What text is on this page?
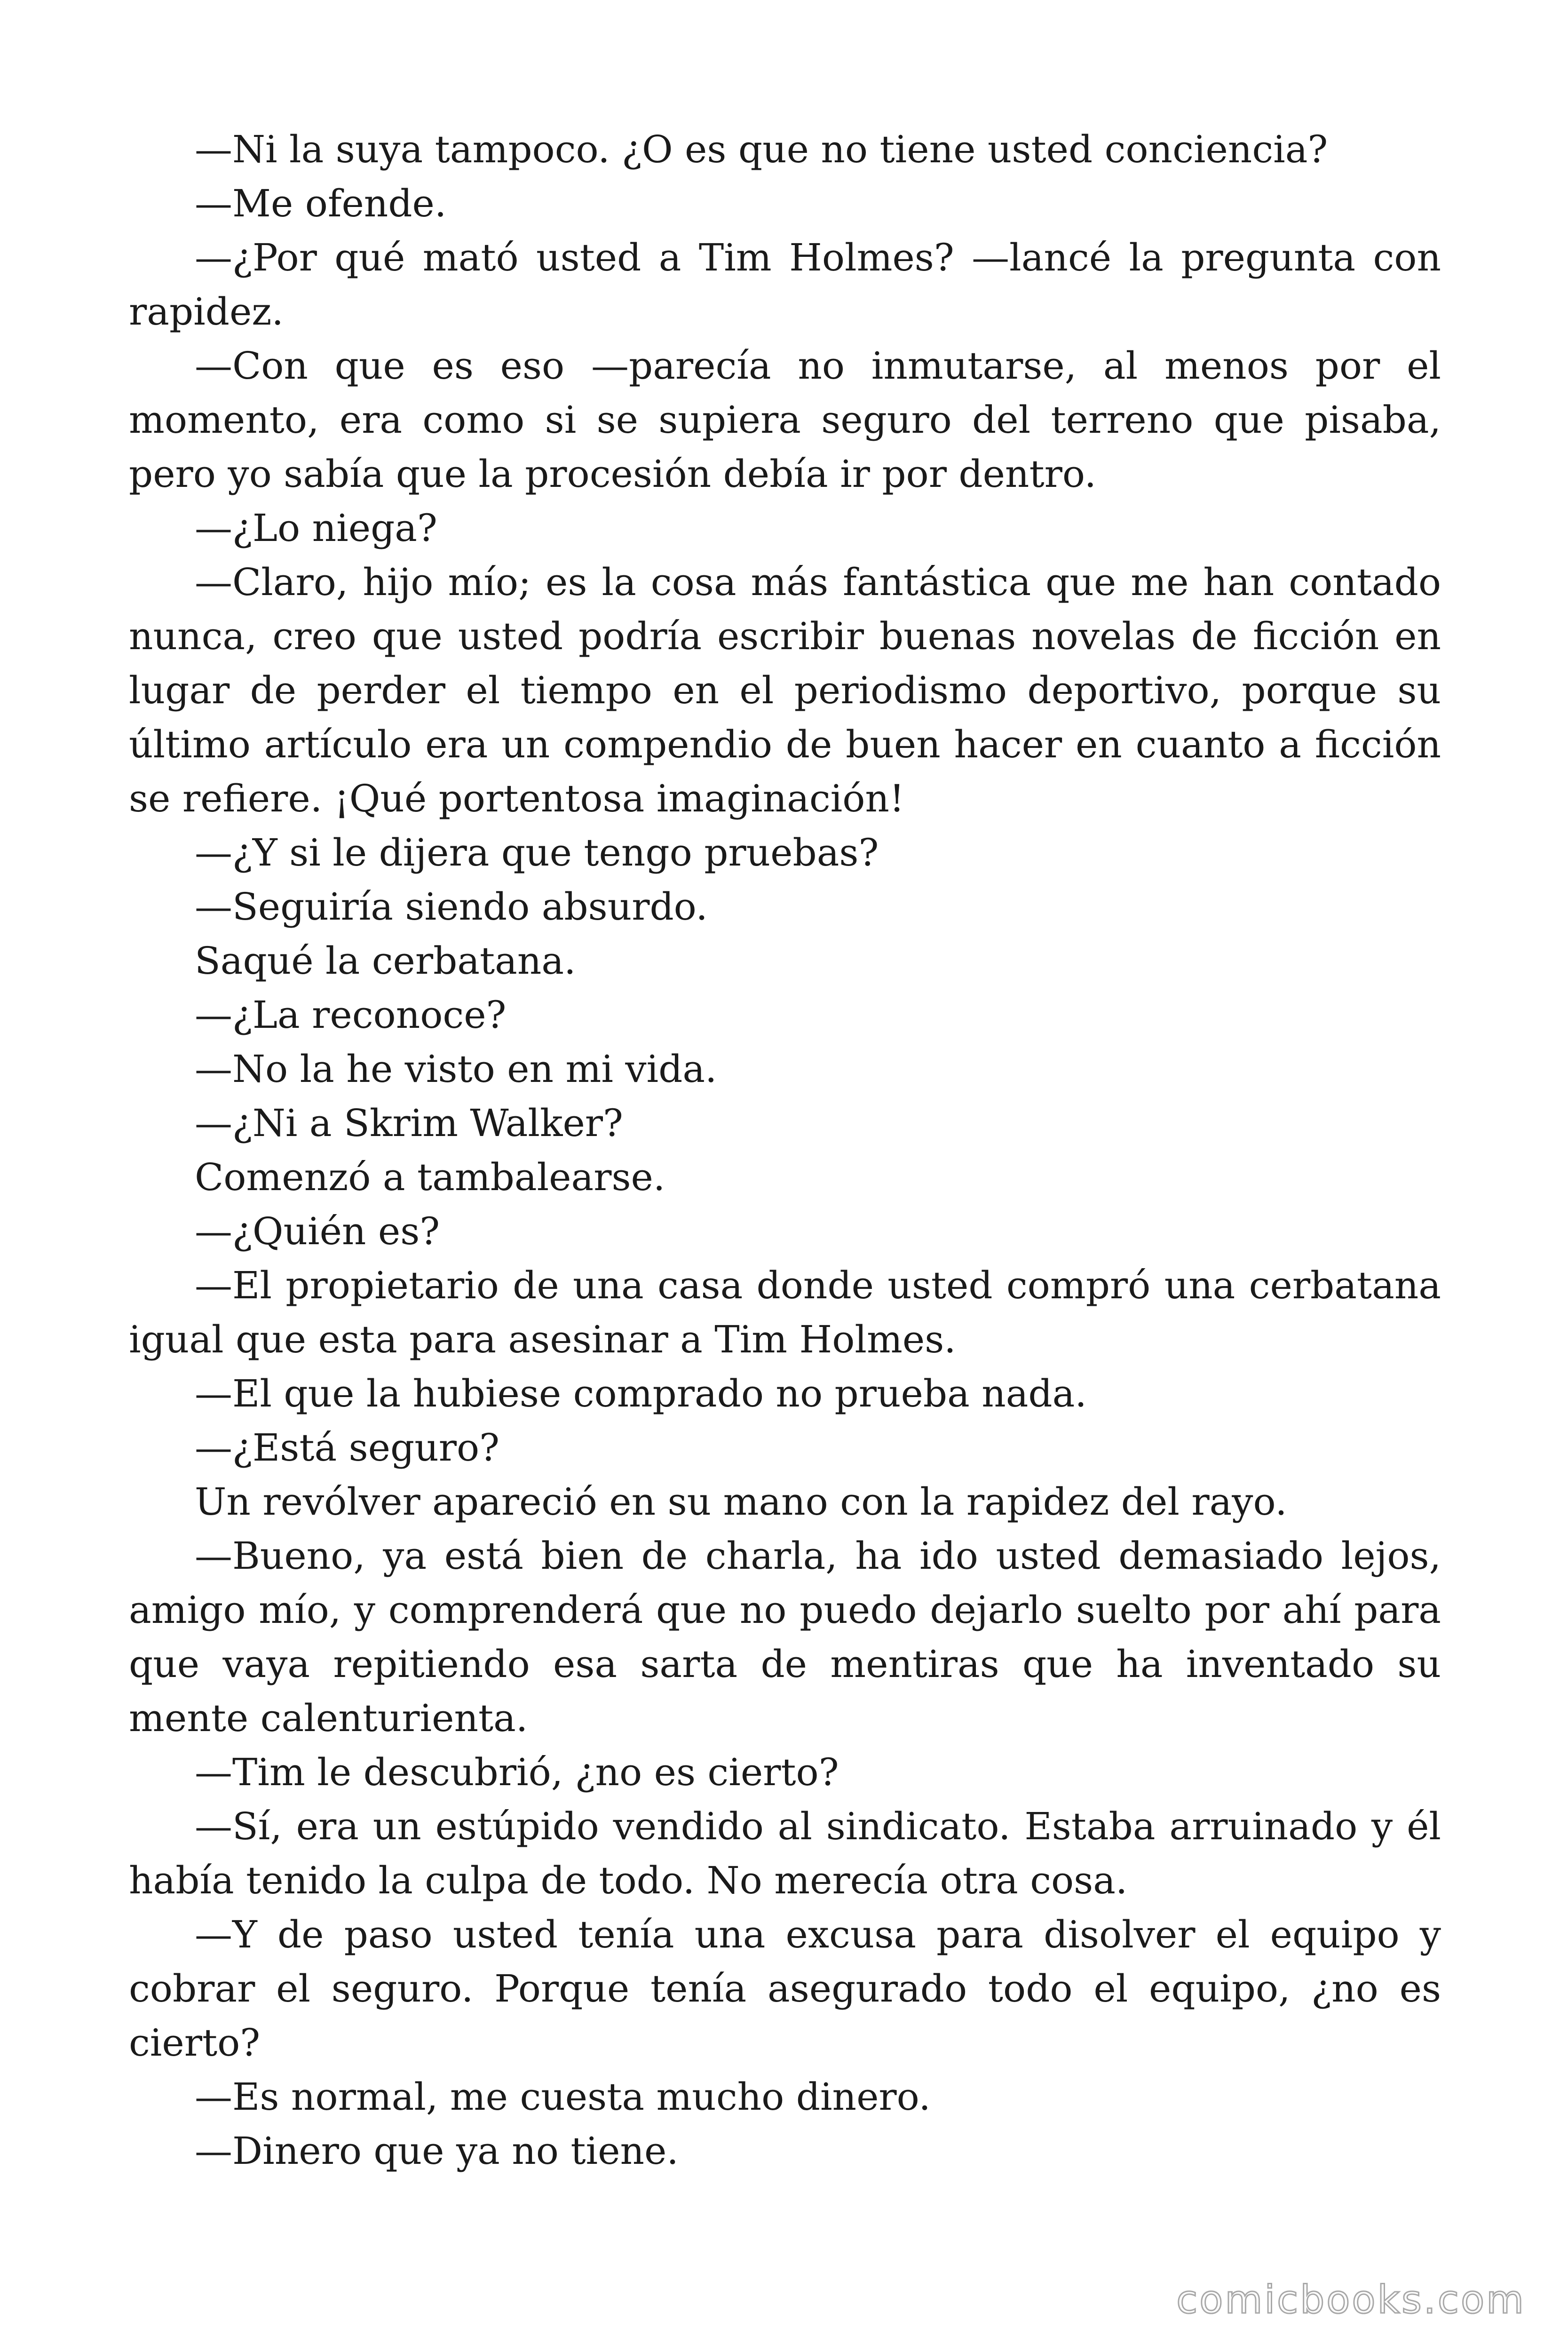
—Ni la suya tampoco. ¿O es que no tiene usted conciencia?

—Me ofende.

—¿Por qué mató usted a Tim Holmes? —lancé la pregunta con rapidez.

—Con que es eso —parecía no inmutarse, al menos por el momento, era como si se supiera seguro del terreno que pisaba, pero yo sabía que la procesión debía ir por dentro.

—¿Lo niega?

—Claro, hijo mío; es la cosa más fantástica que me han contado nunca, creo que usted podría escribir buenas novelas de ficción en lugar de perder el tiempo en el periodismo deportivo, porque su último artículo era un compendio de buen hacer en cuanto a ficción se refiere. ¡Qué portentosa imaginación!

—¿Y si le dijera que tengo pruebas?

—Seguiría siendo absurdo.

Saqué la cerbatana.

—¿La reconoce?

—No la he visto en mi vida.

—¿Ni a Skrim Walker?

Comenzó a tambalearse.

—¿Quién es?

—El propietario de una casa donde usted compró una cerbatana igual que esta para asesinar a Tim Holmes.

—El que la hubiese comprado no prueba nada.

—¿Está seguro?

Un revólver apareció en su mano con la rapidez del rayo.

—Bueno, ya está bien de charla, ha ido usted demasiado lejos, amigo mío, y comprenderá que no puedo dejarlo suelto por ahí para que vaya repitiendo esa sarta de mentiras que ha inventado su mente calenturienta.

—Tim le descubrió, ¿no es cierto?

—Sí, era un estúpido vendido al sindicato. Estaba arruinado y él había tenido la culpa de todo. No merecía otra cosa.

—Y de paso usted tenía una excusa para disolver el equipo y cobrar el seguro. Porque tenía asegurado todo el equipo, ¿no es cierto?

—Es normal, me cuesta mucho dinero.

—Dinero que ya no tiene.

comicbooks.com
